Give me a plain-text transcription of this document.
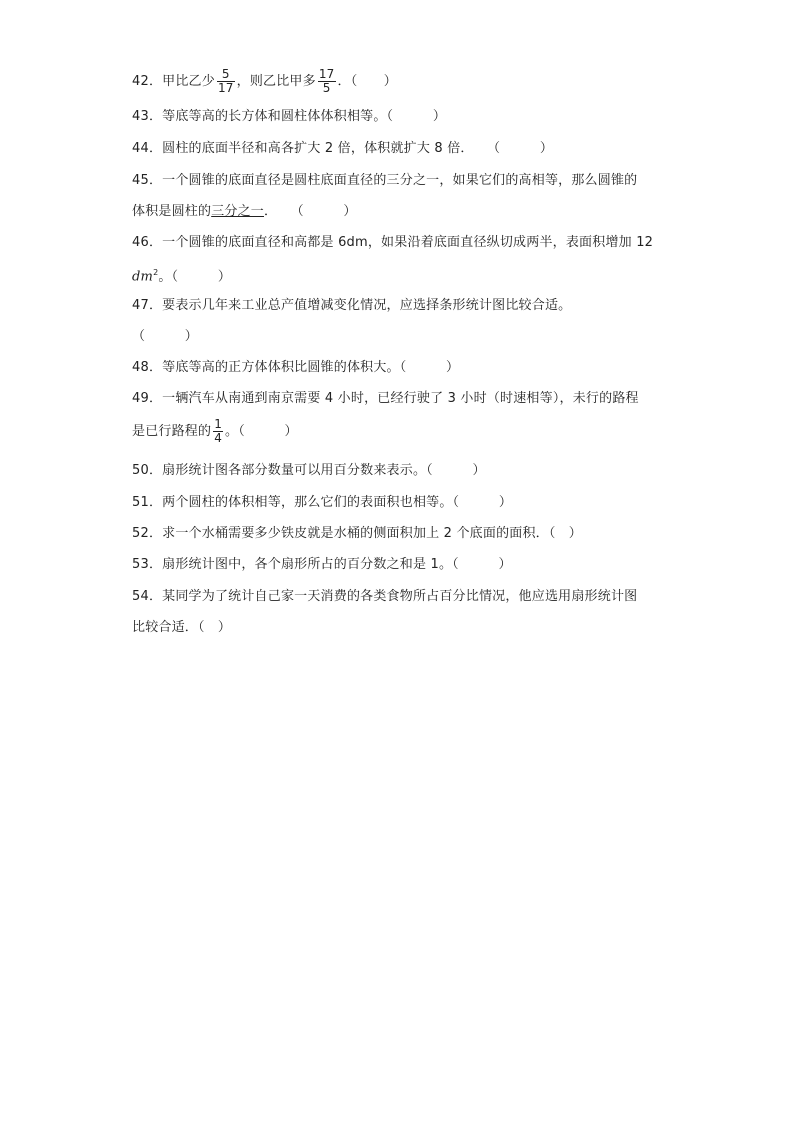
42．甲比乙少 $\frac{5}{17}$ ，则乙比甲多 $\frac{17}{5}$ ．（　　）
43．等底等高的长方体和圆柱体体积相等。（　　　）
44．圆柱的底面半径和高各扩大 2 倍，体积就扩大 8 倍．　　（　　　）
45．一个圆锥的底面直径是圆柱底面直径的三分之一，如果它们的高相等，那么圆锥的
体积是圆柱的三分之一．　　（　　　）
46．一个圆锥的底面直径和高都是 6dm，如果沿着底面直径纵切成两半，表面积增加 12
$dm^2$。（　　　）
47．要表示几年来工业总产值增减变化情况，应选择条形统计图比较合适。
（　　　）
48．等底等高的正方体体积比圆锥的体积大。（　　　）
49．一辆汽车从南通到南京需要 4 小时，已经行驶了 3 小时（时速相等），未行的路程
是已行路程的 $\frac{1}{4}$ 。（　　　）
50．扇形统计图各部分数量可以用百分数来表示。（　　　）
51．两个圆柱的体积相等，那么它们的表面积也相等。（　　　）
52．求一个水桶需要多少铁皮就是水桶的侧面积加上 2 个底面的面积．（　）
53．扇形统计图中，各个扇形所占的百分数之和是 1。（　　　）
54．某同学为了统计自己家一天消费的各类食物所占百分比情况，他应选用扇形统计图
比较合适．（　）
